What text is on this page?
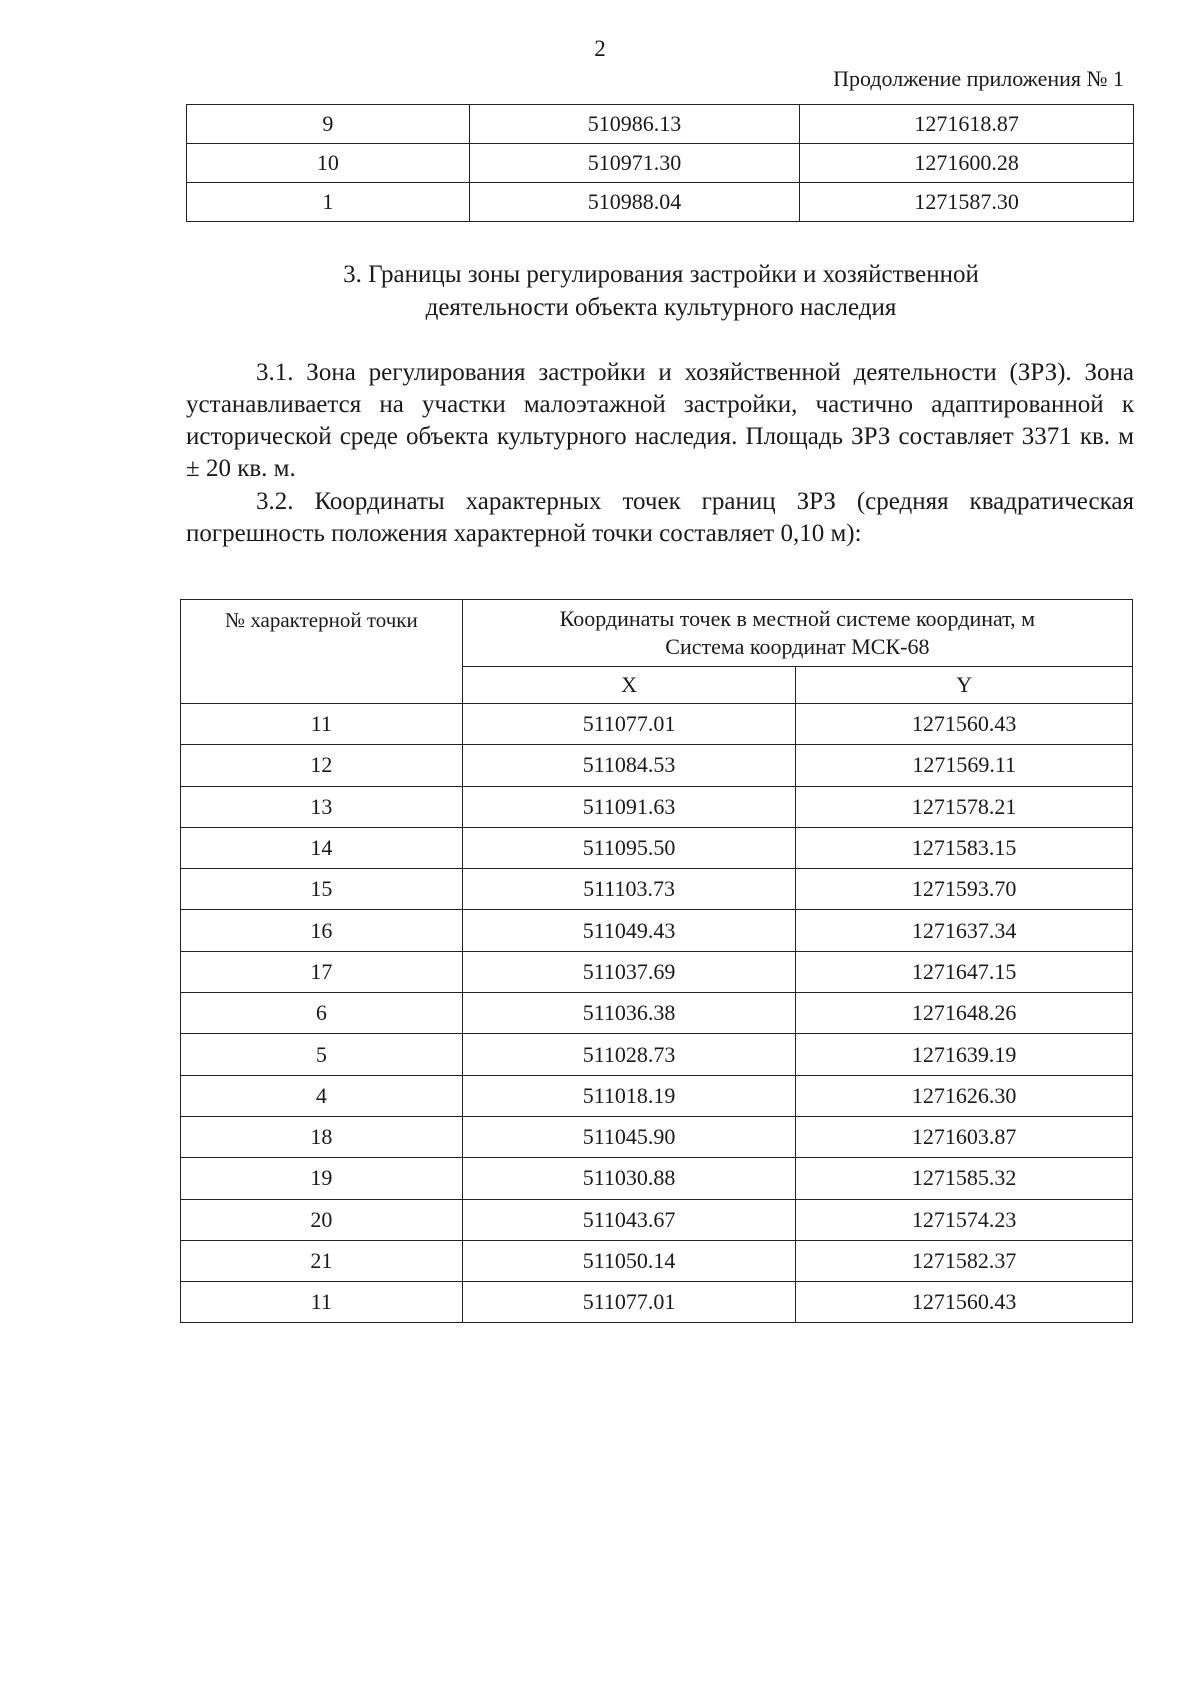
2
Продолжение приложения № 1
9	510986.13	1271618.87
10	510971.30	1271600.28
1	510988.04	1271587.30
3. Границы зоны регулирования застройки и хозяйственной
деятельности объекта культурного наследия
3.1. Зона регулирования застройки и хозяйственной деятельности (ЗРЗ). Зона устанавливается на участки малоэтажной застройки, частично адаптированной к исторической среде объекта культурного наследия. Площадь ЗРЗ составляет 3371 кв. м ± 20 кв. м.
3.2. Координаты характерных точек границ ЗРЗ (средняя квадратическая погрешность положения характерной точки составляет 0,10 м):
№ характерной точки	Координаты точек в местной системе координат, м
Система координат МСК-68	

	X	Y
11	511077.01	1271560.43
12	511084.53	1271569.11
13	511091.63	1271578.21
14	511095.50	1271583.15
15	511103.73	1271593.70
16	511049.43	1271637.34
17	511037.69	1271647.15
6	511036.38	1271648.26
5	511028.73	1271639.19
4	511018.19	1271626.30
18	511045.90	1271603.87
19	511030.88	1271585.32
20	511043.67	1271574.23
21	511050.14	1271582.37
11	511077.01	1271560.43
